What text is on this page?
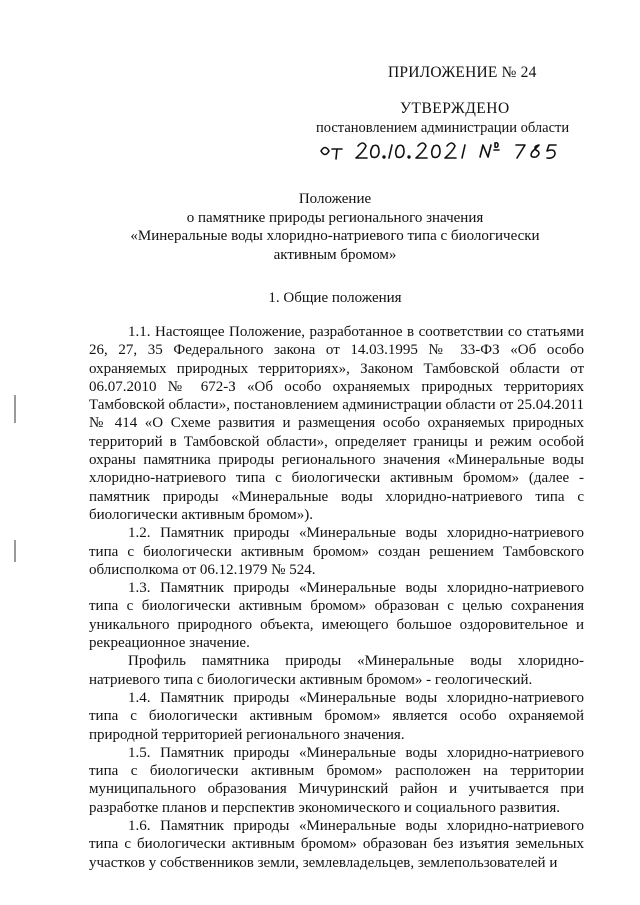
ПРИЛОЖЕНИЕ № 24
УТВЕРЖДЕНО
постановлением администрации области
Положение
о памятнике природы регионального значения
«Минеральные воды хлоридно-натриевого типа с биологически
активным бромом»
1. Общие положения

1.1. Настоящее Положение, разработанное в соответствии со статьями 26, 27, 35 Федерального закона от 14.03.1995 № 33-ФЗ «Об особо охраняемых природных территориях», Законом Тамбовской области от 06.07.2010 № 672-З «Об особо охраняемых природных территориях Тамбовской области», постановлением администрации области от 25.04.2011 № 414 «О Схеме развития и размещения особо охраняемых природных территорий в Тамбовской области», определяет границы и режим особой охраны памятника природы регионального значения «Минеральные воды хлоридно-натриевого типа с биологически активным бромом» (далее - памятник природы «Минеральные воды хлоридно-натриевого типа с биологически активным бромом»).

1.2. Памятник природы «Минеральные воды хлоридно-натриевого типа с биологически активным бромом» создан решением Тамбовского облисполкома от 06.12.1979 № 524.

1.3. Памятник природы «Минеральные воды хлоридно-натриевого типа с биологически активным бромом» образован с целью сохранения уникального природного объекта, имеющего большое оздоровительное и рекреационное значение.

Профиль памятника природы «Минеральные воды хлоридно-натриевого типа с биологически активным бромом» - геологический.

1.4. Памятник природы «Минеральные воды хлоридно-натриевого типа с биологически активным бромом» является особо охраняемой природной территорией регионального значения.

1.5. Памятник природы «Минеральные воды хлоридно-натриевого типа с биологически активным бромом» расположен на территории муниципального образования Мичуринский район и учитывается при разработке планов и перспектив экономического и социального развития.

1.6. Памятник природы «Минеральные воды хлоридно-натриевого типа с биологически активным бромом» образован без изъятия земельных участков у собственников земли, землевладельцев, землепользователей и
